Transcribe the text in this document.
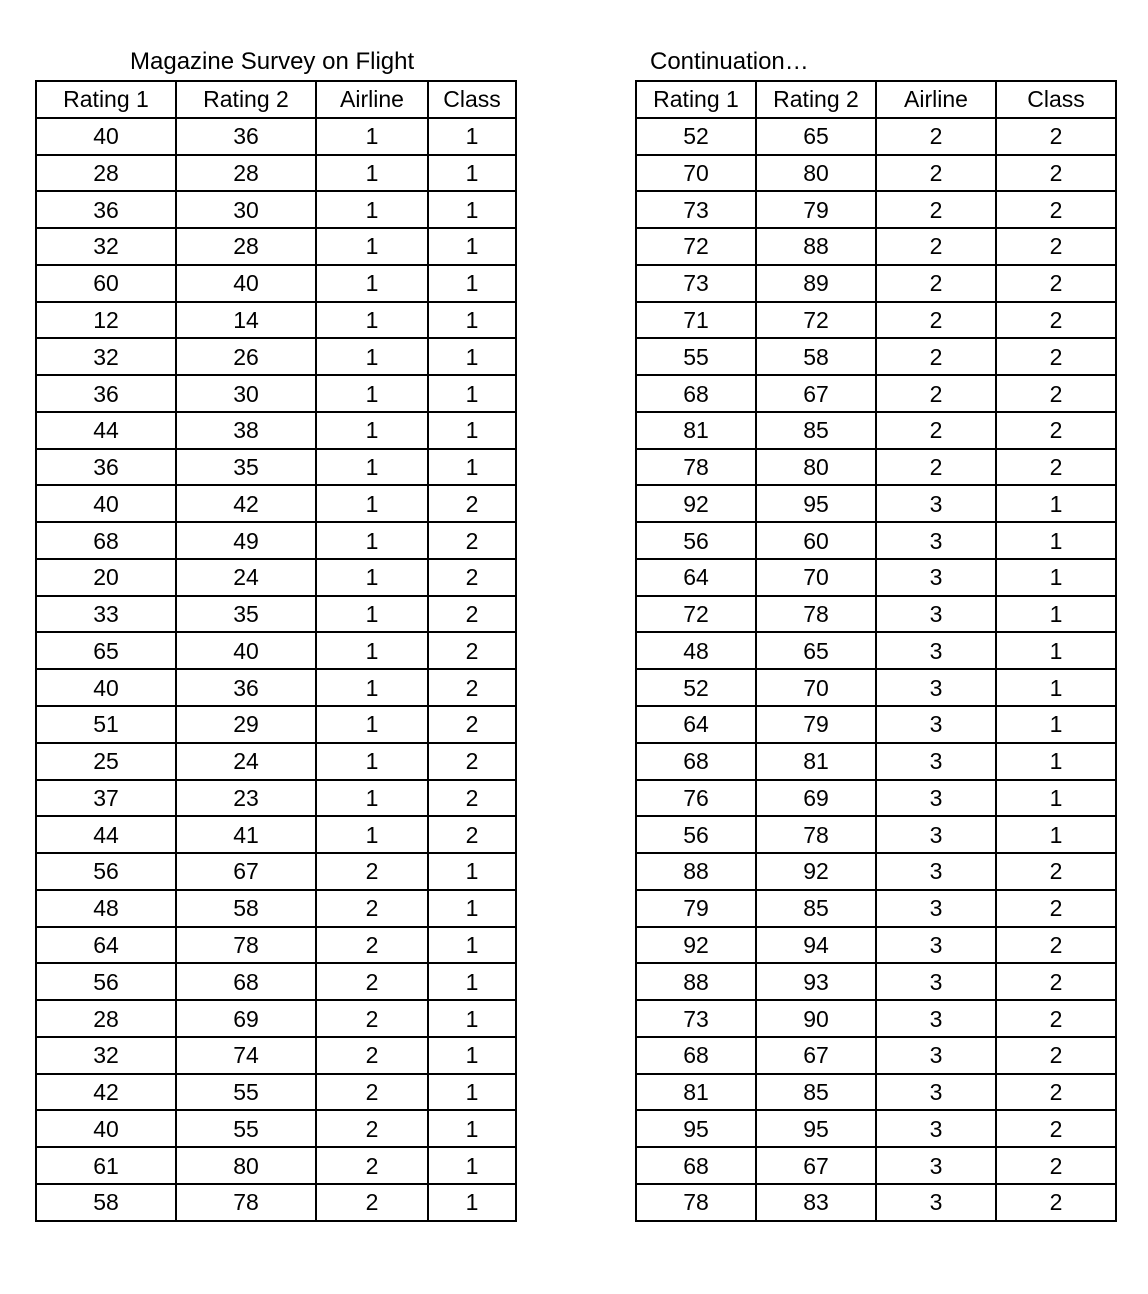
Magazine Survey on Flight
Rating 1	Rating 2	Airline	Class
40	36	1	1
28	28	1	1
36	30	1	1
32	28	1	1
60	40	1	1
12	14	1	1
32	26	1	1
36	30	1	1
44	38	1	1
36	35	1	1
40	42	1	2
68	49	1	2
20	24	1	2
33	35	1	2
65	40	1	2
40	36	1	2
51	29	1	2
25	24	1	2
37	23	1	2
44	41	1	2
56	67	2	1
48	58	2	1
64	78	2	1
56	68	2	1
28	69	2	1
32	74	2	1
42	55	2	1
40	55	2	1
61	80	2	1
58	78	2	1
Continuation…
Rating 1	Rating 2	Airline	Class
52	65	2	2
70	80	2	2
73	79	2	2
72	88	2	2
73	89	2	2
71	72	2	2
55	58	2	2
68	67	2	2
81	85	2	2
78	80	2	2
92	95	3	1
56	60	3	1
64	70	3	1
72	78	3	1
48	65	3	1
52	70	3	1
64	79	3	1
68	81	3	1
76	69	3	1
56	78	3	1
88	92	3	2
79	85	3	2
92	94	3	2
88	93	3	2
73	90	3	2
68	67	3	2
81	85	3	2
95	95	3	2
68	67	3	2
78	83	3	2
